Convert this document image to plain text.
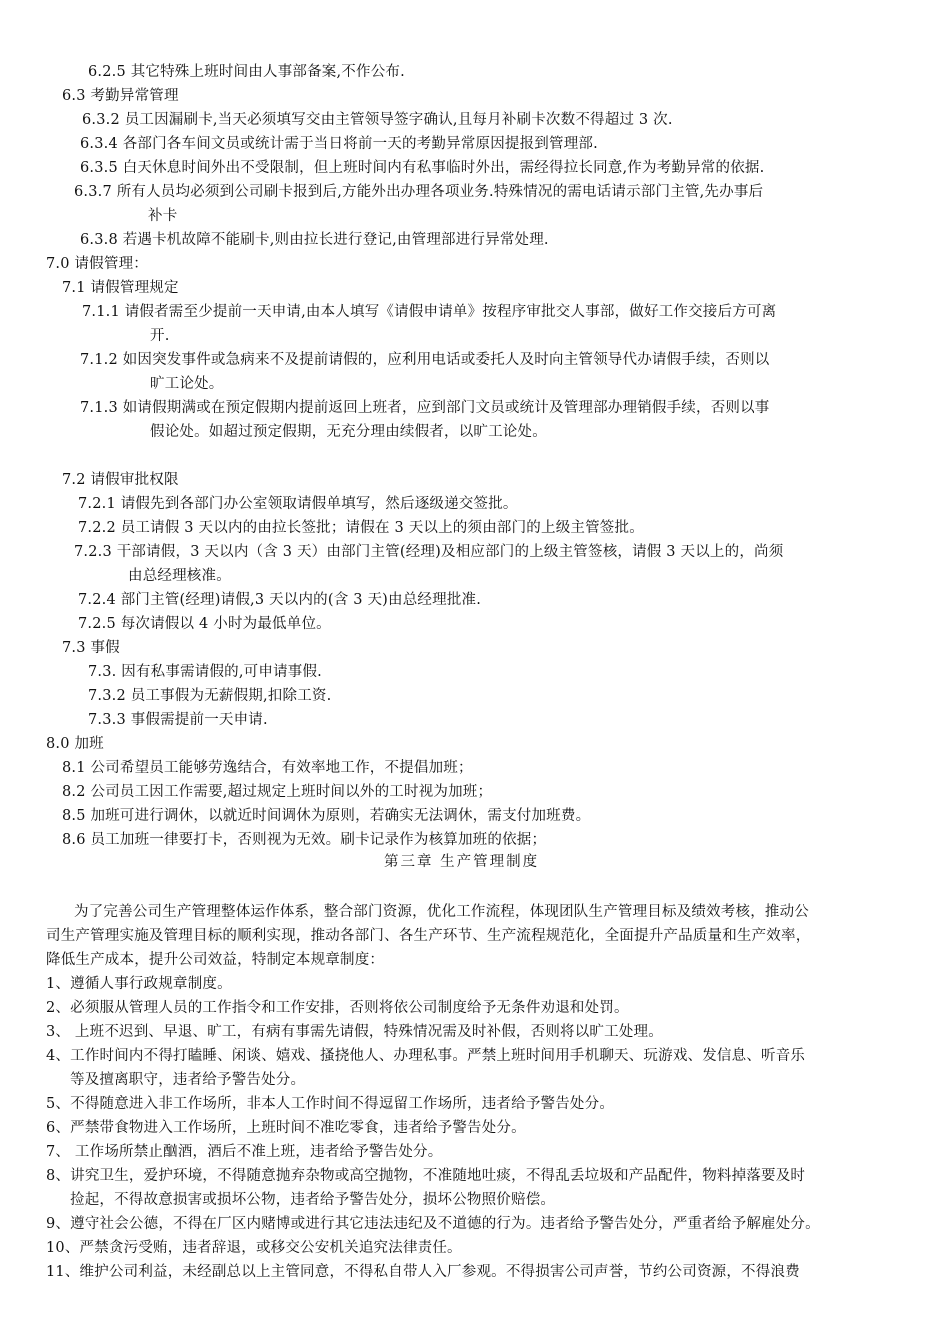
6.2.5 其它特殊上班时间由人事部备案,不作公布.
6.3 考勤异常管理
6.3.2 员工因漏刷卡,当天必须填写交由主管领导签字确认,且每月补刷卡次数不得超过 3 次.
6.3.4 各部门各车间文员或统计需于当日将前一天的考勤异常原因提报到管理部.
6.3.5 白天休息时间外出不受限制，但上班时间内有私事临时外出，需经得拉长同意,作为考勤异常的依据.
6.3.7 所有人员均必须到公司刷卡报到后,方能外出办理各项业务.特殊情况的需电话请示部门主管,先办事后
补卡
6.3.8 若遇卡机故障不能刷卡,则由拉长进行登记,由管理部进行异常处理.
7.0 请假管理：
7.1 请假管理规定
7.1.1 请假者需至少提前一天申请,由本人填写《请假申请单》按程序审批交人事部，做好工作交接后方可离
开.
7.1.2 如因突发事件或急病来不及提前请假的，应利用电话或委托人及时向主管领导代办请假手续，否则以
旷工论处。
7.1.3 如请假期满或在预定假期内提前返回上班者，应到部门文员或统计及管理部办理销假手续，否则以事
假论处。如超过预定假期，无充分理由续假者，以旷工论处。
7.2 请假审批权限
7.2.1 请假先到各部门办公室领取请假单填写，然后逐级递交签批。
7.2.2 员工请假 3 天以内的由拉长签批；请假在 3 天以上的须由部门的上级主管签批。
7.2.3 干部请假，3 天以内（含 3 天）由部门主管(经理)及相应部门的上级主管签核，请假 3 天以上的，尚须
由总经理核准。
7.2.4 部门主管(经理)请假,3 天以内的(含 3 天)由总经理批准.
7.2.5 每次请假以 4 小时为最低单位。
7.3 事假
7.3. 因有私事需请假的,可申请事假.
7.3.2 员工事假为无薪假期,扣除工资.
7.3.3 事假需提前一天申请.
8.0 加班
8.1 公司希望员工能够劳逸结合，有效率地工作，不提倡加班；
8.2 公司员工因工作需要,超过规定上班时间以外的工时视为加班；
8.5 加班可进行调休，以就近时间调休为原则，若确实无法调休，需支付加班费。
8.6 员工加班一律要打卡，否则视为无效。刷卡记录作为核算加班的依据；
第三章 生产管理制度
为了完善公司生产管理整体运作体系，整合部门资源，优化工作流程，体现团队生产管理目标及绩效考核，推动公
司生产管理实施及管理目标的顺利实现，推动各部门、各生产环节、生产流程规范化，全面提升产品质量和生产效率，
降低生产成本，提升公司效益，特制定本规章制度：
1、遵循人事行政规章制度。
2、必须服从管理人员的工作指令和工作安排，否则将依公司制度给予无条件劝退和处罚。
3、 上班不迟到、早退、旷工，有病有事需先请假，特殊情况需及时补假，否则将以旷工处理。
4、工作时间内不得打瞌睡、闲谈、嬉戏、搔挠他人、办理私事。严禁上班时间用手机聊天、玩游戏、发信息、听音乐
等及擅离职守，违者给予警告处分。
5、不得随意进入非工作场所，非本人工作时间不得逗留工作场所，违者给予警告处分。
6、严禁带食物进入工作场所，上班时间不准吃零食，违者给予警告处分。
7、 工作场所禁止酗酒，酒后不准上班，违者给予警告处分。
8、讲究卫生，爱护环境，不得随意抛弃杂物或高空抛物，不准随地吐痰，不得乱丢垃圾和产品配件，物料掉落要及时
捡起，不得故意损害或损坏公物，违者给予警告处分，损坏公物照价赔偿。
9、遵守社会公德，不得在厂区内赌博或进行其它违法违纪及不道德的行为。违者给予警告处分，严重者给予解雇处分。
10、严禁贪污受贿，违者辞退，或移交公安机关追究法律责任。
11、维护公司利益，未经副总以上主管同意，不得私自带人入厂参观。不得损害公司声誉，节约公司资源，不得浪费
